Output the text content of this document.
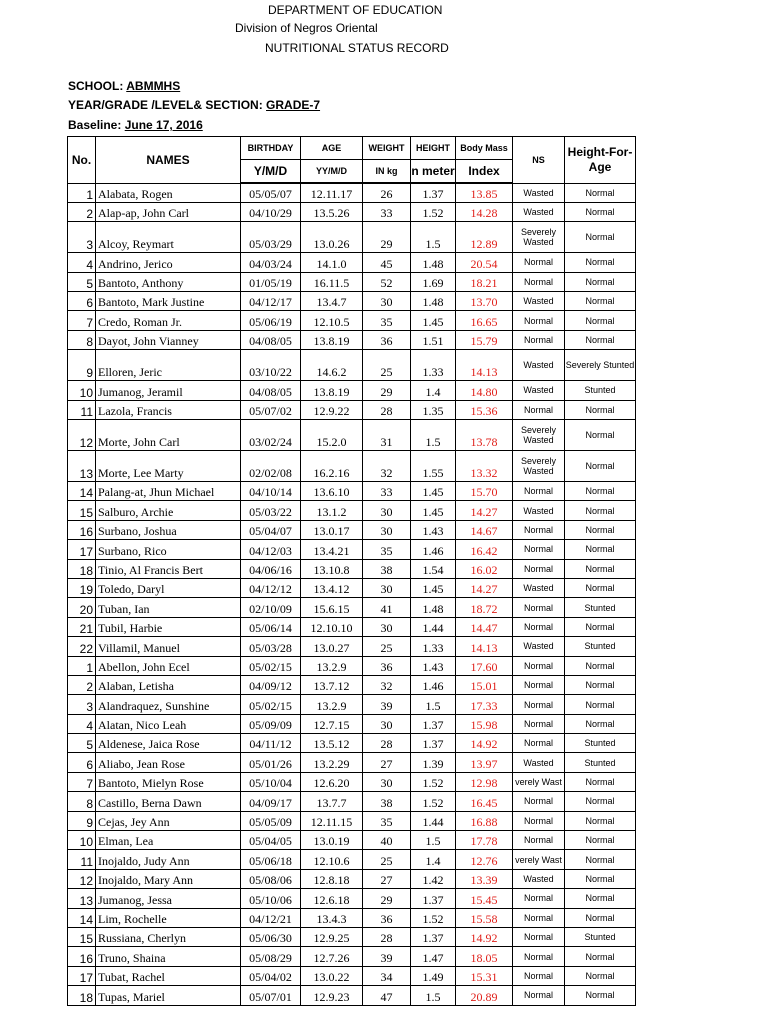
DEPARTMENT OF EDUCATION
Division of Negros Oriental
NUTRITIONAL STATUS RECORD
SCHOOL: ABMMHS
YEAR/GRADE /LEVEL& SECTION: GRADE-7
Baseline: June 17, 2016
No.	NAMES	BIRTHDAY	AGE	WEIGHT	HEIGHT	Body Mass	NS	Height-For-Age
		Y/M/D	YY/M/D	IN kg	n meter	Index		
1	Alabata, Rogen	05/05/07	12.11.17	26	1.37	13.85	Wasted	Normal
2	Alap-ap, John Carl	04/10/29	13.5.26	33	1.52	14.28	Wasted	Normal
3	Alcoy, Reymart	05/03/29	13.0.26	29	1.5	12.89	Severely Wasted	Normal
4	Andrino, Jerico	04/03/24	14.1.0	45	1.48	20.54	Normal	Normal
5	Bantoto, Anthony	01/05/19	16.11.5	52	1.69	18.21	Normal	Normal
6	Bantoto, Mark Justine	04/12/17	13.4.7	30	1.48	13.70	Wasted	Normal
7	Credo, Roman Jr.	05/06/19	12.10.5	35	1.45	16.65	Normal	Normal
8	Dayot, John Vianney	04/08/05	13.8.19	36	1.51	15.79	Normal	Normal
9	Elloren, Jeric	03/10/22	14.6.2	25	1.33	14.13	Wasted	Severely Stunted
10	Jumanog, Jeramil	04/08/05	13.8.19	29	1.4	14.80	Wasted	Stunted
11	Lazola, Francis	05/07/02	12.9.22	28	1.35	15.36	Normal	Normal
12	Morte, John Carl	03/02/24	15.2.0	31	1.5	13.78	Severely Wasted	Normal
13	Morte, Lee Marty	02/02/08	16.2.16	32	1.55	13.32	Severely Wasted	Normal
14	Palang-at, Jhun Michael	04/10/14	13.6.10	33	1.45	15.70	Normal	Normal
15	Salburo, Archie	05/03/22	13.1.2	30	1.45	14.27	Wasted	Normal
16	Surbano, Joshua	05/04/07	13.0.17	30	1.43	14.67	Normal	Normal
17	Surbano, Rico	04/12/03	13.4.21	35	1.46	16.42	Normal	Normal
18	Tinio, Al Francis Bert	04/06/16	13.10.8	38	1.54	16.02	Normal	Normal
19	Toledo, Daryl	04/12/12	13.4.12	30	1.45	14.27	Wasted	Normal
20	Tuban, Ian	02/10/09	15.6.15	41	1.48	18.72	Normal	Stunted
21	Tubil, Harbie	05/06/14	12.10.10	30	1.44	14.47	Normal	Normal
22	Villamil, Manuel	05/03/28	13.0.27	25	1.33	14.13	Wasted	Stunted
1	Abellon, John Ecel	05/02/15	13.2.9	36	1.43	17.60	Normal	Normal
2	Alaban, Letisha	04/09/12	13.7.12	32	1.46	15.01	Normal	Normal
3	Alandraquez, Sunshine	05/02/15	13.2.9	39	1.5	17.33	Normal	Normal
4	Alatan, Nico Leah	05/09/09	12.7.15	30	1.37	15.98	Normal	Normal
5	Aldenese, Jaica Rose	04/11/12	13.5.12	28	1.37	14.92	Normal	Stunted
6	Aliabo, Jean Rose	05/01/26	13.2.29	27	1.39	13.97	Wasted	Stunted
7	Bantoto, Mielyn Rose	05/10/04	12.6.20	30	1.52	12.98	verely Wast	Normal
8	Castillo, Berna Dawn	04/09/17	13.7.7	38	1.52	16.45	Normal	Normal
9	Cejas, Jey Ann	05/05/09	12.11.15	35	1.44	16.88	Normal	Normal
10	Elman, Lea	05/04/05	13.0.19	40	1.5	17.78	Normal	Normal
11	Inojaldo, Judy Ann	05/06/18	12.10.6	25	1.4	12.76	verely Wast	Normal
12	Inojaldo, Mary Ann	05/08/06	12.8.18	27	1.42	13.39	Wasted	Normal
13	Jumanog, Jessa	05/10/06	12.6.18	29	1.37	15.45	Normal	Normal
14	Lim, Rochelle	04/12/21	13.4.3	36	1.52	15.58	Normal	Normal
15	Russiana, Cherlyn	05/06/30	12.9.25	28	1.37	14.92	Normal	Stunted
16	Truno, Shaina	05/08/29	12.7.26	39	1.47	18.05	Normal	Normal
17	Tubat, Rachel	05/04/02	13.0.22	34	1.49	15.31	Normal	Normal
18	Tupas, Mariel	05/07/01	12.9.23	47	1.5	20.89	Normal	Normal
